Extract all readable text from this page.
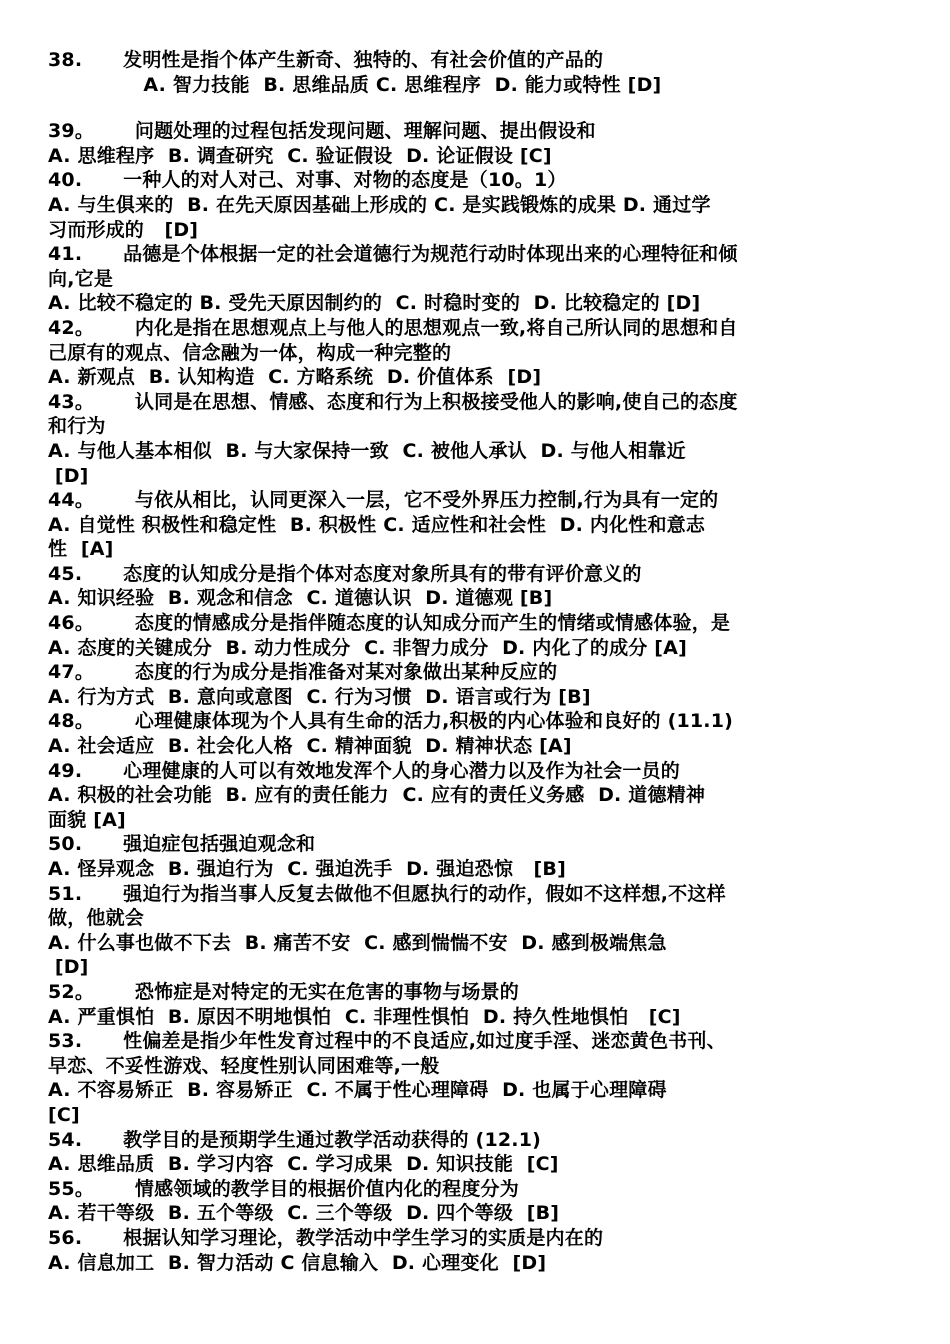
38.      发明性是指个体产生新奇、独特的、有社会价值的产品的
A. 智力技能  B. 思维品质 C. 思维程序  D. 能力或特性 [D]
39。      问题处理的过程包括发现问题、理解问题、提出假设和
A. 思维程序  B. 调查研究  C. 验证假设  D. 论证假设 [C]
40.      一种人的对人对己、对事、对物的态度是（10。1）
A. 与生俱来的  B. 在先天原因基础上形成的 C. 是实践锻炼的成果 D. 通过学
习而形成的   [D]
41.      品德是个体根据一定的社会道德行为规范行动时体现出来的心理特征和倾
向,它是
A. 比较不稳定的 B. 受先天原因制约的  C. 时稳时变的  D. 比较稳定的 [D]
42。      内化是指在思想观点上与他人的思想观点一致,将自己所认同的思想和自
己原有的观点、信念融为一体，构成一种完整的
A. 新观点  B. 认知构造  C. 方略系统  D. 价值体系  [D]
43。      认同是在思想、情感、态度和行为上积极接受他人的影响,使自己的态度
和行为
A. 与他人基本相似  B. 与大家保持一致  C. 被他人承认  D. 与他人相靠近
[D]
44。      与依从相比，认同更深入一层，它不受外界压力控制,行为具有一定的
A. 自觉性 积极性和稳定性  B. 积极性 C. 适应性和社会性  D. 内化性和意志
性  [A]
45.      态度的认知成分是指个体对态度对象所具有的带有评价意义的
A. 知识经验  B. 观念和信念  C. 道德认识  D. 道德观 [B]
46。      态度的情感成分是指伴随态度的认知成分而产生的情绪或情感体验，是
A. 态度的关键成分  B. 动力性成分  C. 非智力成分  D. 内化了的成分 [A]
47。      态度的行为成分是指准备对某对象做出某种反应的
A. 行为方式  B. 意向或意图  C. 行为习惯  D. 语言或行为 [B]
48。      心理健康体现为个人具有生命的活力,积极的内心体验和良好的 (11.1)
A. 社会适应  B. 社会化人格  C. 精神面貌  D. 精神状态 [A]
49.      心理健康的人可以有效地发浑个人的身心潜力以及作为社会一员的
A. 积极的社会功能  B. 应有的责任能力  C. 应有的责任义务感  D. 道德精神
面貌 [A]
50.      强迫症包括强迫观念和
A. 怪异观念  B. 强迫行为  C. 强迫洗手  D. 强迫恐惊   [B]
51.      强迫行为指当事人反复去做他不但愿执行的动作，假如不这样想,不这样
做，他就会
A. 什么事也做不下去  B. 痛苦不安  C. 感到惴惴不安  D. 感到极端焦急
[D]
52。      恐怖症是对特定的无实在危害的事物与场景的
A. 严重惧怕  B. 原因不明地惧怕  C. 非理性惧怕  D. 持久性地惧怕   [C]
53.      性偏差是指少年性发育过程中的不良适应,如过度手淫、迷恋黄色书刊、
早恋、不妥性游戏、轻度性别认同困难等,一般
A. 不容易矫正  B. 容易矫正  C. 不属于性心理障碍  D. 也属于心理障碍
[C]
54.      教学目的是预期学生通过教学活动获得的 (12.1)
A. 思维品质  B. 学习内容  C. 学习成果  D. 知识技能  [C]
55。      情感领域的教学目的根据价值内化的程度分为
A. 若干等级  B. 五个等级  C. 三个等级  D. 四个等级  [B]
56.      根据认知学习理论，教学活动中学生学习的实质是内在的
A. 信息加工  B. 智力活动 C 信息输入  D. 心理变化  [D]
